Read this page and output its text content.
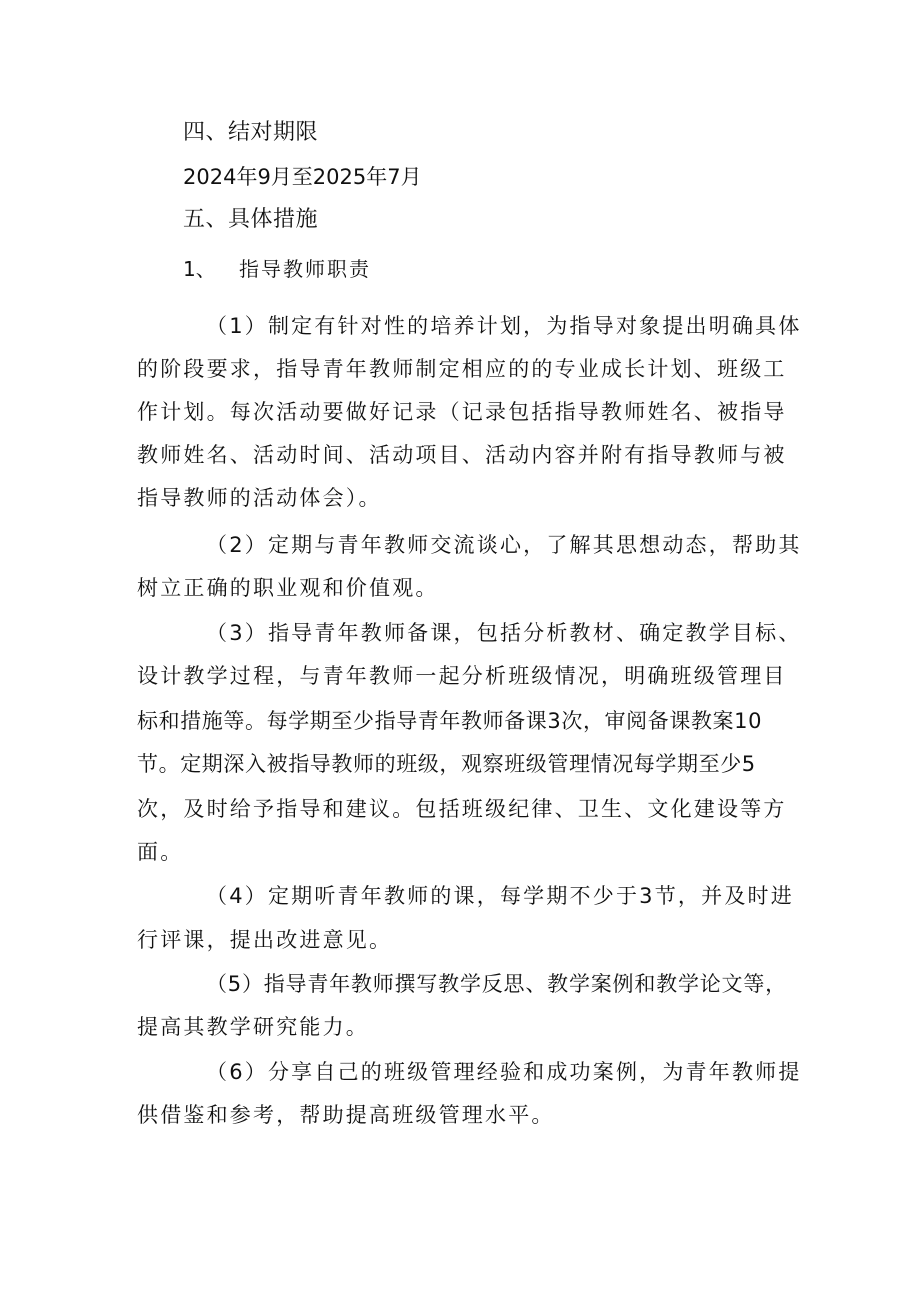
四、结对期限
2024年9月至2025年7月
五、具体措施
1、 指导教师职责
（1）制定有针对性的培养计划，为指导对象提出明确具体
的阶段要求，指导青年教师制定相应的的专业成长计划、班级工
作计划。每次活动要做好记录（记录包括指导教师姓名、被指导
教师姓名、活动时间、活动项目、活动内容并附有指导教师与被
指导教师的活动体会）。
（2）定期与青年教师交流谈心，了解其思想动态，帮助其
树立正确的职业观和价值观。
（3）指导青年教师备课，包括分析教材、确定教学目标、
设计教学过程，与青年教师一起分析班级情况，明确班级管理目
标和措施等。每学期至少指导青年教师备课3次，审阅备课教案10
节。定期深入被指导教师的班级，观察班级管理情况每学期至少5
次，及时给予指导和建议。包括班级纪律、卫生、文化建设等方
面。
（4）定期听青年教师的课，每学期不少于3节，并及时进
行评课，提出改进意见。
（5）指导青年教师撰写教学反思、教学案例和教学论文等，
提高其教学研究能力。
（6）分享自己的班级管理经验和成功案例，为青年教师提
供借鉴和参考，帮助提高班级管理水平。
